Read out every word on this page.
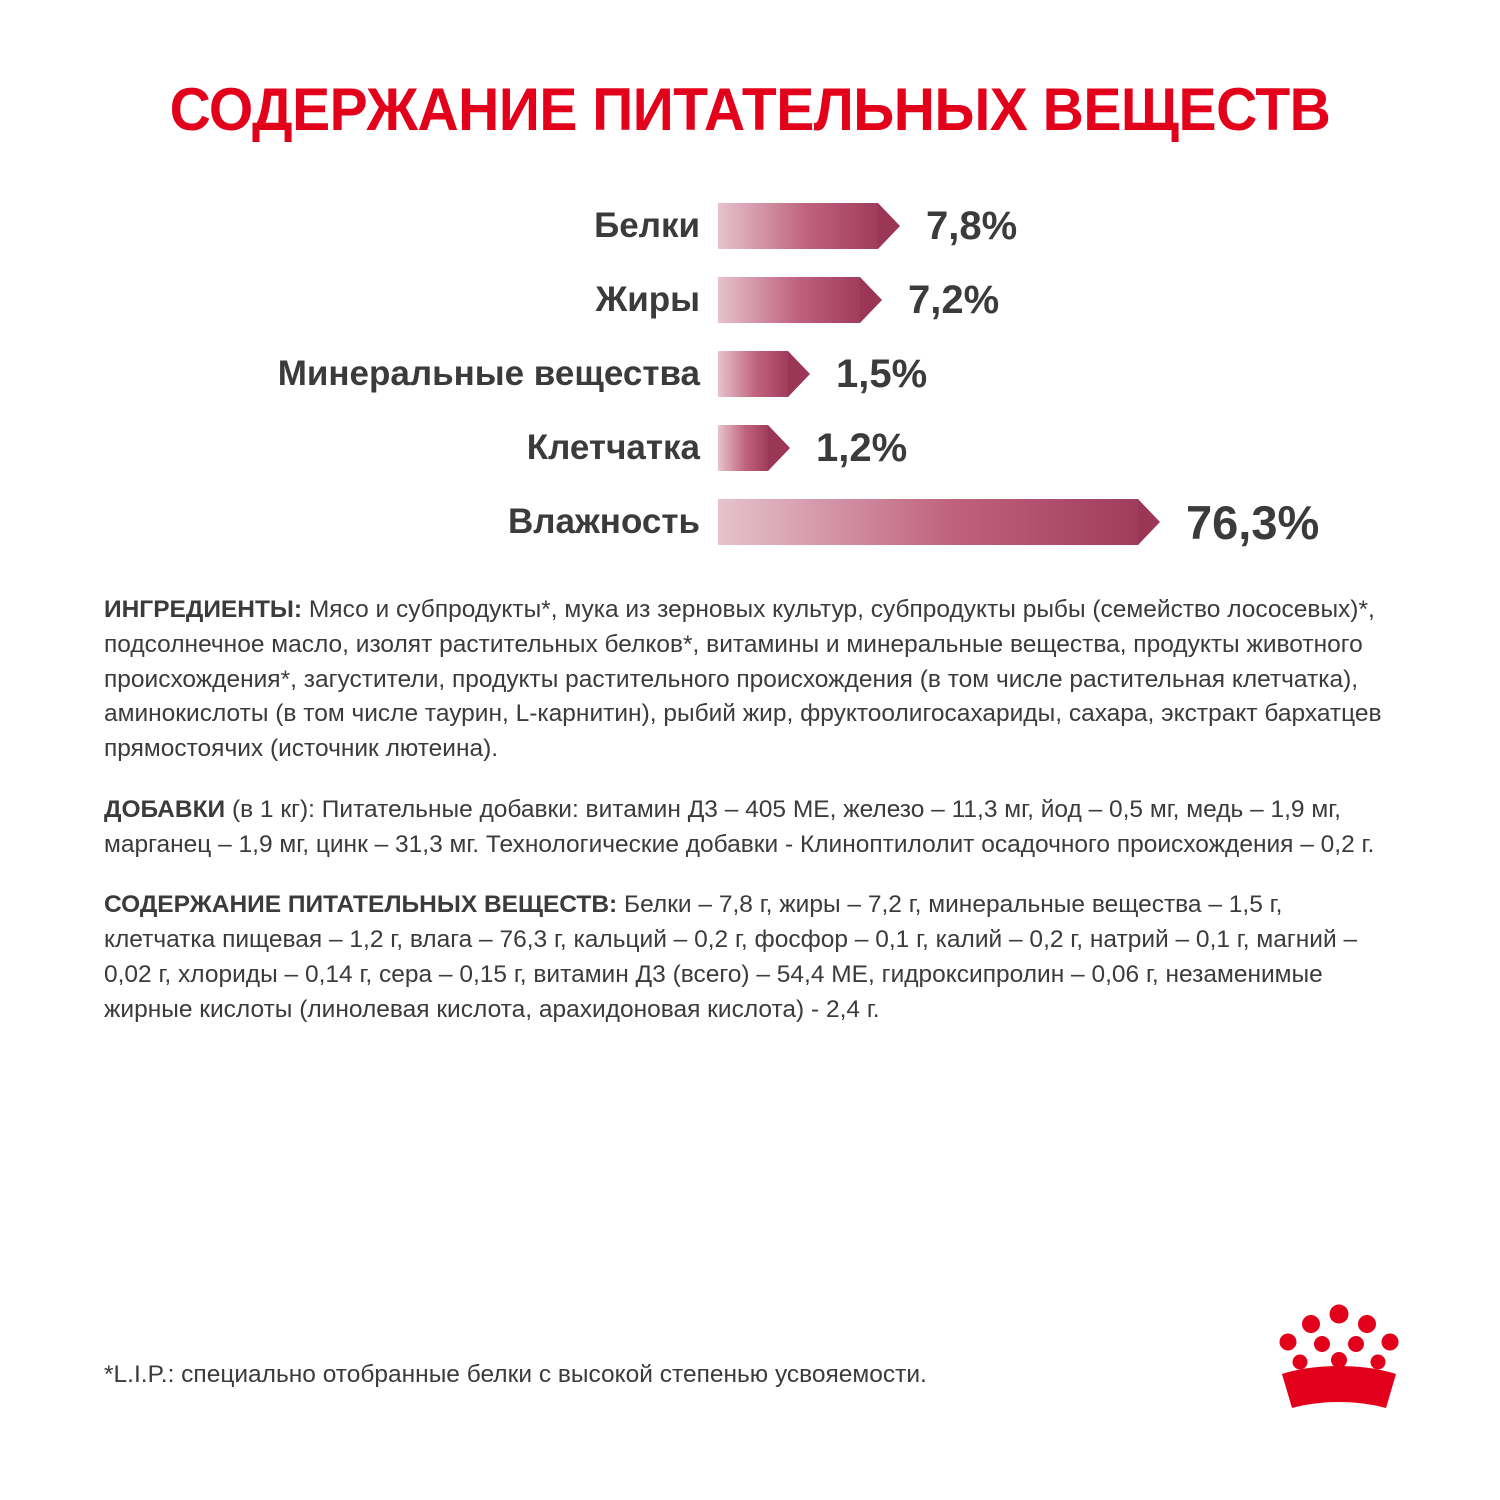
СОДЕРЖАНИЕ ПИТАТЕЛЬНЫХ ВЕЩЕСТВ
Белки	7,8%
Жиры	7,2%
Минеральные вещества	1,5%
Клетчатка	1,2%
Влажность	76,3%

ИНГРЕДИЕНТЫ: Мясо и субпродукты*, мука из зерновых культур, субпродукты рыбы (семейство лососевых)*, подсолнечное масло, изолят растительных белков*, витамины и минеральные вещества, продукты животного происхождения*, загустители, продукты растительного происхождения (в том числе растительная клетчатка), аминокислоты (в том числе таурин, L-карнитин), рыбий жир, фруктоолигосахариды, сахара, экстракт бархатцев прямостоячих (источник лютеина).

ДОБАВКИ (в 1 кг): Питательные добавки: витамин Д3 – 405 МЕ, железо – 11,3 мг, йод – 0,5 мг, медь – 1,9 мг, марганец – 1,9 мг, цинк – 31,3 мг. Технологические добавки - Клиноптилолит осадочного происхождения – 0,2 г.

СОДЕРЖАНИЕ ПИТАТЕЛЬНЫХ ВЕЩЕСТВ: Белки – 7,8 г, жиры – 7,2 г, минеральные вещества – 1,5 г, клетчатка пищевая – 1,2 г, влага – 76,3 г, кальций – 0,2 г, фосфор – 0,1 г, калий – 0,2 г, натрий – 0,1 г, магний – 0,02 г, хлориды – 0,14 г, сера – 0,15 г, витамин Д3 (всего) – 54,4 МЕ, гидроксипролин – 0,06 г, незаменимые жирные кислоты (линолевая кислота, арахидоновая кислота) - 2,4 г.

*L.I.P.: специально отобранные белки с высокой степенью усвояемости.
